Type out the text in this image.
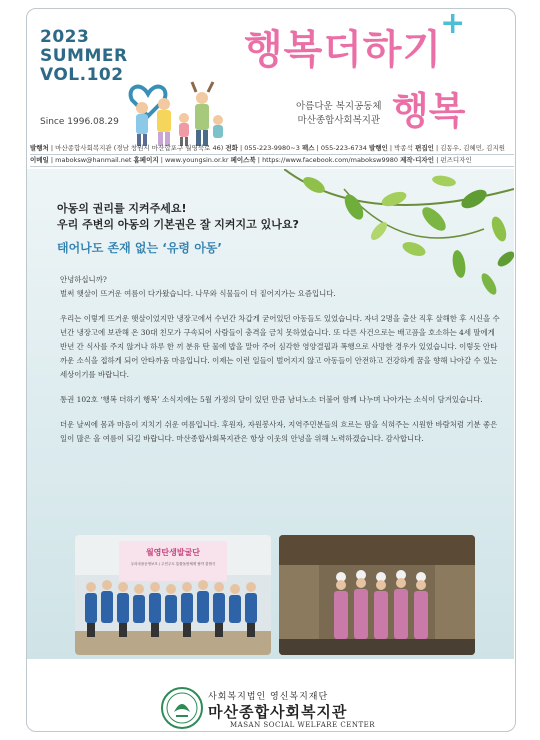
2023
SUMMER
VOL.102
Since 1996.08.29
행복더하기
+
아름다운 복지공동체
마산종합사회복지관 행복
발행처 | 마산종합사회복지관 (경남 창원시 마산합포구 월영북로 46) 전화 | 055-223-9980~3 팩스 | 055-223-6734 발행인 | 박종석 편집인 | 김동우, 김혜민, 김지원
이메일 | maboksw@hanmail.net 홈페이지 | www.youngsin.or.kr 페이스북 | https://www.facebook.com/maboksw9980 제작·디자인 | 펀즈디자인
아동의 권리를 지켜주세요!
우리 주변의 아동의 기본권은 잘 지켜지고 있나요?
태어나도 존재 없는 ‘유령 아동’

안녕하십니까?
벌써 햇살이 뜨거운 여름이 다가왔습니다. 나무와 식물들이 더 짙어지가는 요즘입니다.

우리는 이렇게 뜨거운 햇살이었지만 냉장고에서 수년간 차갑게 굳어있던 아동들도 있었습니다. 자녀 2명을 출산 직후 살해한 후 시신을 수년간 냉장고에 보관해 온 30대 친모가 구속되어 사람들이 충격을 금치 못하였습니다. 또 다른 사건으로는 배고픔을 호소하는 4세 딸에게 반년 간 식사를 주지 않거나 하루 한 끼 분유 탄 물에 밥을 말아 주어 심각한 영양결핍과 폭행으로 사망한 경우가 있었습니다. 이렇듯 안타까운 소식을 접하게 되어 안타까움 마음입니다. 이제는 이런 일들이 벌어지지 않고 아동들이 안전하고 건강하게 꿈을 향해 나아갈 수 있는 세상이기를 바랍니다.

통권 102호 ‘행복 더하기 행복’ 소식지에는 5월 가정의 달이 있던 만큼 남녀노소 더불어 함께 나누며 나아가는 소식이 담겨있습니다.

더운 날씨에 몸과 마음이 지치기 쉬운 여름입니다. 후원자, 자원봉사자, 지역주민분들의 흐르는 땀을 식혀주는 시원한 바람처럼 기분 좋은 일이 많은 올 여름이 되길 바랍니다. 마산종합사회복지관은 항상 이웃의 안녕을 위해 노력하겠습니다. 감사합니다.

월영탄생발굴단
우리마을공영보모 / 주민주도 통합돌봄체계 협약 출범식
사회복지법인 영신복지재단
마산종합사회복지관
MASAN SOCIAL WELFARE CENTER
